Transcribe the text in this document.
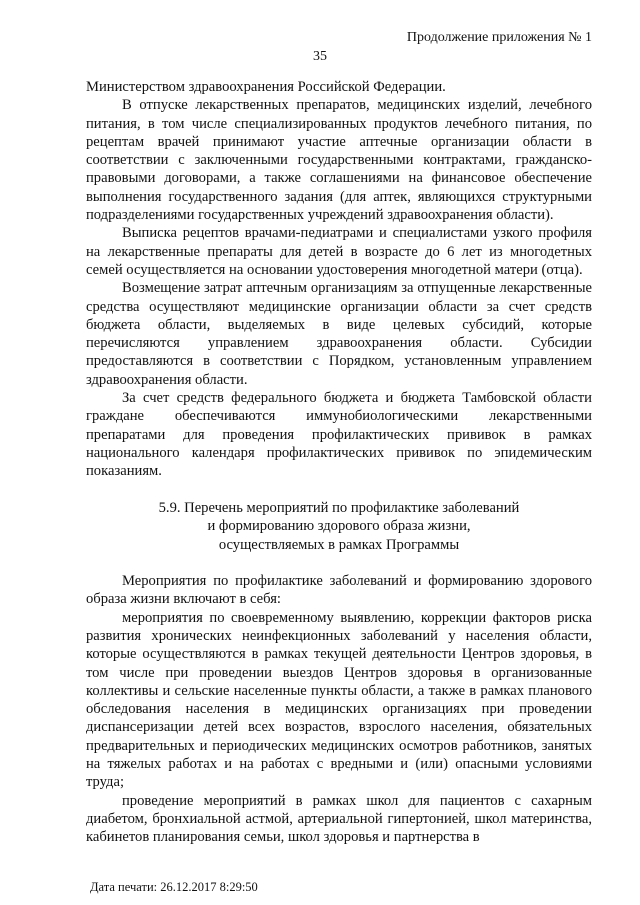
Продолжение приложения № 1
35

Министерством здравоохранения Российской Федерации.

В отпуске лекарственных препаратов, медицинских изделий, лечебного питания, в том числе специализированных продуктов лечебного питания, по рецептам врачей принимают участие аптечные организации области в соответствии с заключенными государственными контрактами, гражданско-правовыми договорами, а также соглашениями на финансовое обеспечение выполнения государственного задания (для аптек, являющихся структурными подразделениями государственных учреждений здравоохранения области).

Выписка рецептов врачами-педиатрами и специалистами узкого профиля на лекарственные препараты для детей в возрасте до 6 лет из многодетных семей осуществляется на основании удостоверения многодетной матери (отца).

Возмещение затрат аптечным организациям за отпущенные лекарственные средства осуществляют медицинские организации области за счет средств бюджета области, выделяемых в виде целевых субсидий, которые перечисляются управлением здравоохранения области. Субсидии предоставляются в соответствии с Порядком, установленным управлением здравоохранения области.

За счет средств федерального бюджета и бюджета Тамбовской области граждане обеспечиваются иммунобиологическими лекарственными препаратами для проведения профилактических прививок в рамках национального календаря профилактических прививок по эпидемическим показаниям.

5.9. Перечень мероприятий по профилактике заболеваний
и формированию здорового образа жизни,
осуществляемых в рамках Программы

Мероприятия по профилактике заболеваний и формированию здорового образа жизни включают в себя:

мероприятия по своевременному выявлению, коррекции факторов риска развития хронических неинфекционных заболеваний у населения области, которые осуществляются в рамках текущей деятельности Центров здоровья, в том числе при проведении выездов Центров здоровья в организованные коллективы и сельские населенные пункты области, а также в рамках планового обследования населения в медицинских организациях при проведении диспансеризации детей всех возрастов, взрослого населения, обязательных предварительных и периодических медицинских осмотров работников, занятых на тяжелых работах и на работах с вредными и (или) опасными условиями труда;

проведение мероприятий в рамках школ для пациентов с сахарным диабетом, бронхиальной астмой, артериальной гипертонией, школ материнства, кабинетов планирования семьи, школ здоровья и партнерства в

Дата печати: 26.12.2017 8:29:50
